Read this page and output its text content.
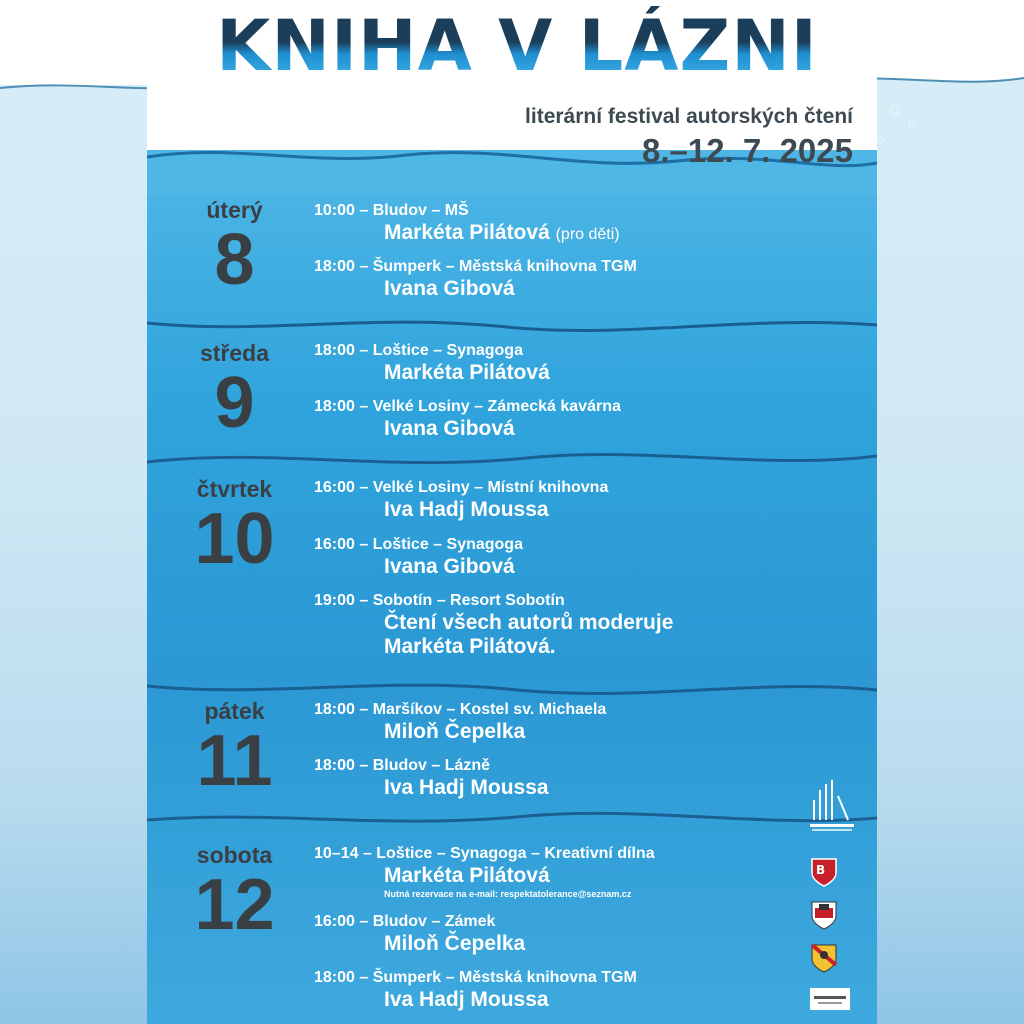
KNIHA V LÁZNI
literární festival autorských čtení
8.–12. 7. 2025
úterý
8
10:00 – Bludov – MŠ
Markéta Pilátová (pro děti)
18:00 – Šumperk – Městská knihovna TGM
Ivana Gibová
středa
9
18:00 – Loštice – Synagoga
Markéta Pilátová
18:00 – Velké Losiny – Zámecká kavárna
Ivana Gibová
čtvrtek
10
16:00 – Velké Losiny – Místní knihovna
Iva Hadj Moussa
16:00 – Loštice – Synagoga
Ivana Gibová
19:00 – Sobotín – Resort Sobotín
Čtení všech autorů moderuje
Markéta Pilátová.
pátek
11
18:00 – Maršíkov – Kostel sv. Michaela
Miloň Čepelka
18:00 – Bludov – Lázně
Iva Hadj Moussa
sobota
12
10–14 – Loštice – Synagoga – Kreativní dílna
Markéta Pilátová
Nutná rezervace na e-mail: respektatolerance@seznam.cz
16:00 – Bludov – Zámek
Miloň Čepelka
18:00 – Šumperk – Městská knihovna TGM
Iva Hadj Moussa
B
